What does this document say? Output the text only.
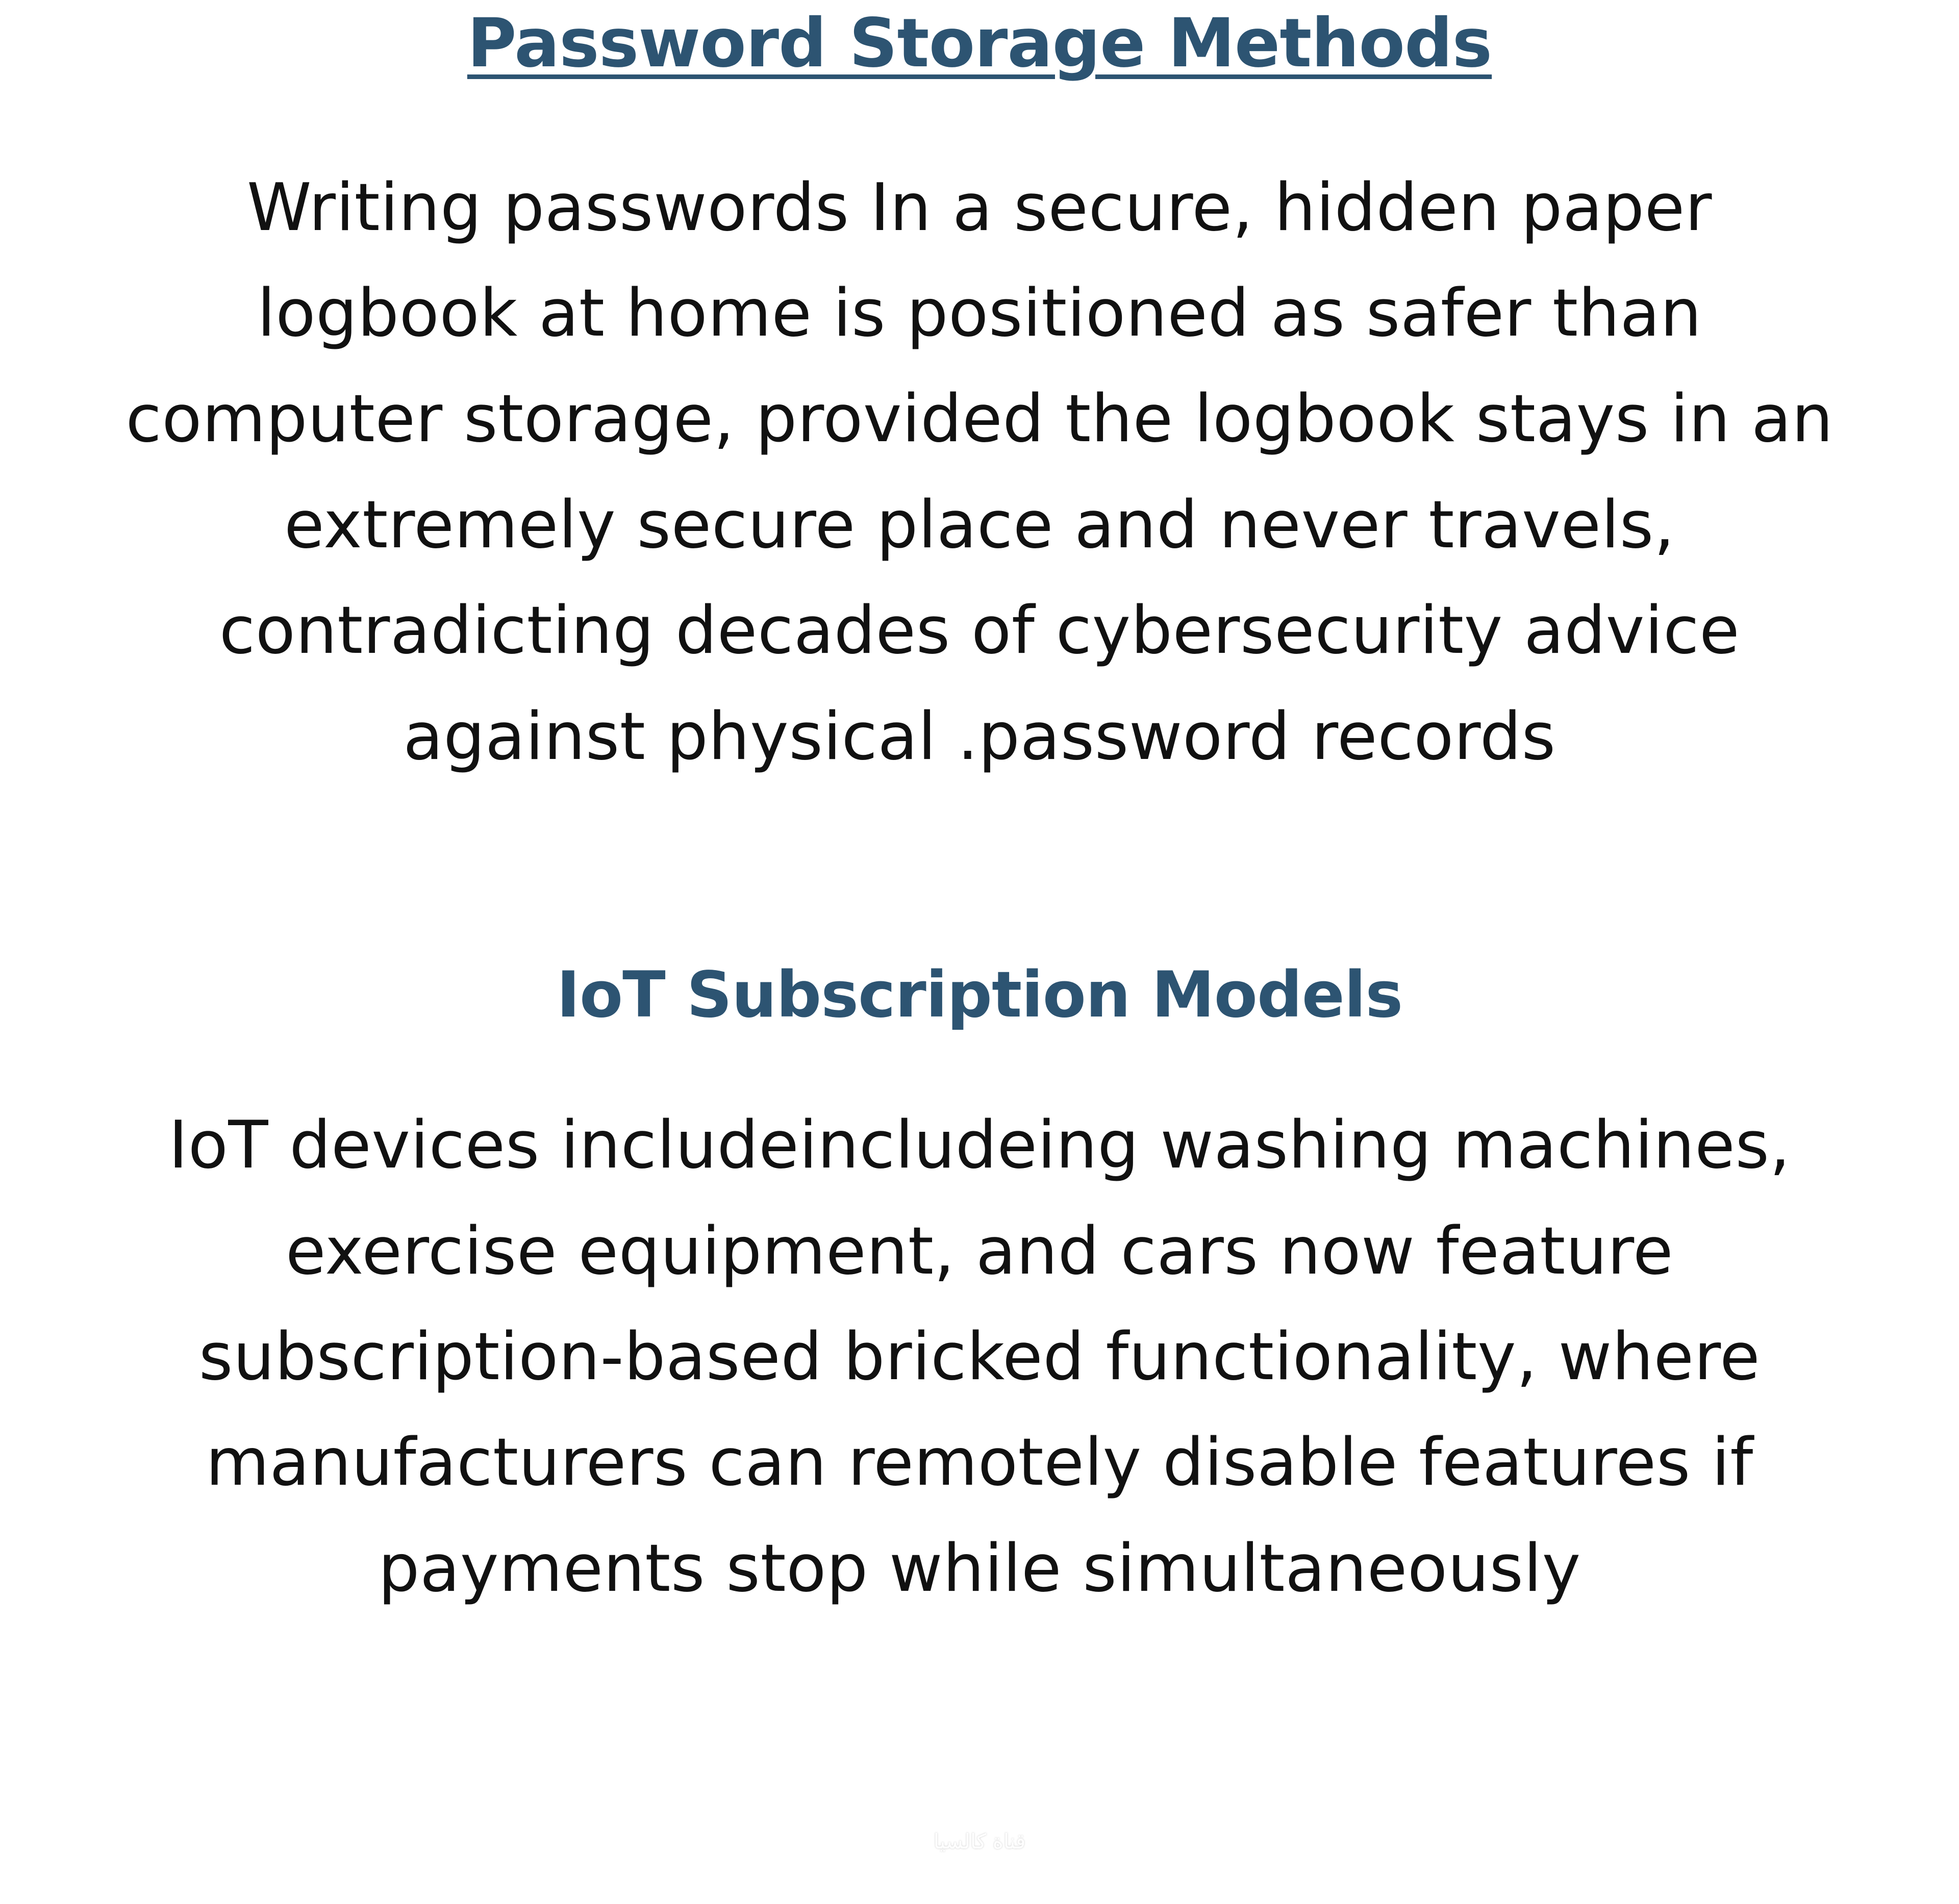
Password Storage Methods

Writing passwords In a secure, hidden paper logbook at home is positioned as safer than computer storage, provided the logbook stays in an extremely secure place and never travels, contradicting decades of cybersecurity advice against physical .password records

IoT Subscription Models

IoT devices includeincludeing washing machines, exercise equipment, and cars now feature subscription-based bricked functionality, where manufacturers can remotely disable features if payments stop while simultaneously

قناة كالسيا
